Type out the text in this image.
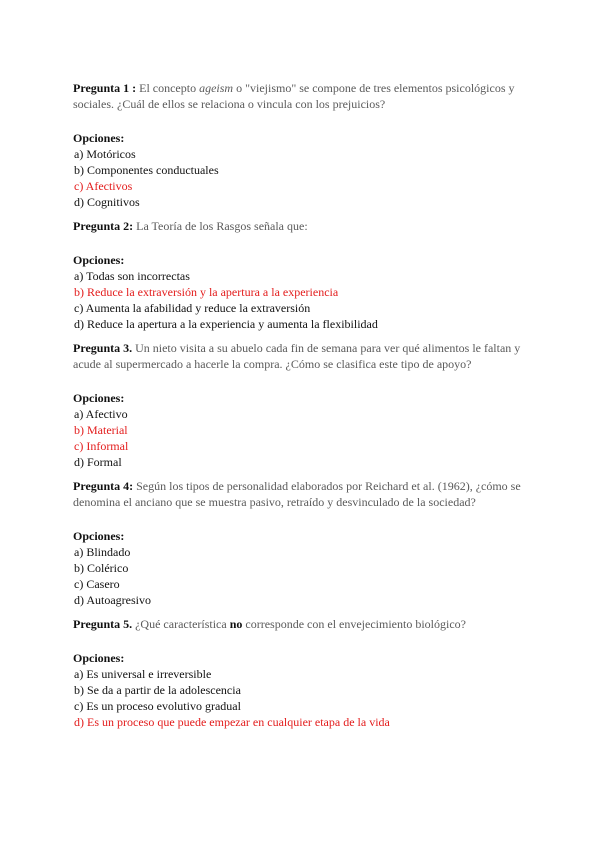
Pregunta 1 : El concepto ageism o "viejismo" se compone de tres elementos psicológicos y sociales. ¿Cuál de ellos se relaciona o vincula con los prejuicios?

Opciones:
a) Motóricos
b) Componentes conductuales
c) Afectivos
d) Cognitivos

Pregunta 2: La Teoría de los Rasgos señala que:

Opciones:
a) Todas son incorrectas
b) Reduce la extraversión y la apertura a la experiencia
c) Aumenta la afabilidad y reduce la extraversión
d) Reduce la apertura a la experiencia y aumenta la flexibilidad

Pregunta 3. Un nieto visita a su abuelo cada fin de semana para ver qué alimentos le faltan y acude al supermercado a hacerle la compra. ¿Cómo se clasifica este tipo de apoyo?

Opciones:
a) Afectivo
b) Material
c) Informal
d) Formal

Pregunta 4: Según los tipos de personalidad elaborados por Reichard et al. (1962), ¿cómo se denomina el anciano que se muestra pasivo, retraído y desvinculado de la sociedad?

Opciones:
a) Blindado
b) Colérico
c) Casero
d) Autoagresivo

Pregunta 5. ¿Qué característica no corresponde con el envejecimiento biológico?

Opciones:
a) Es universal e irreversible
b) Se da a partir de la adolescencia
c) Es un proceso evolutivo gradual
d) Es un proceso que puede empezar en cualquier etapa de la vida
